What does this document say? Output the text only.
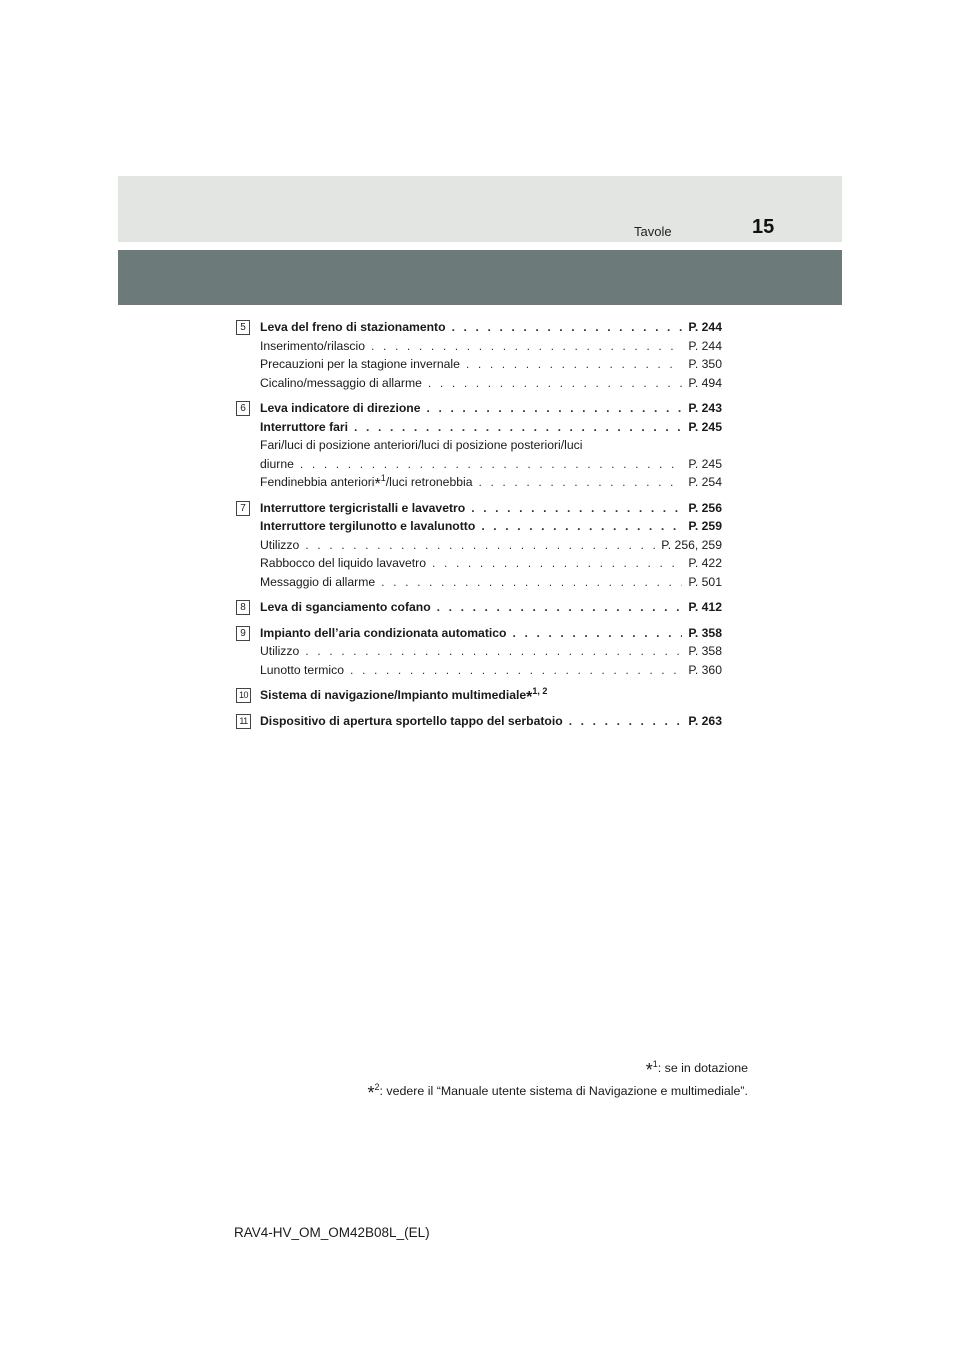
Tavole	15
5	Leva del freno di stazionamento . . .	P. 244
Inserimento/rilascio . . .	P. 244
Precauzioni per la stagione invernale . . .	P. 350
Cicalino/messaggio di allarme . . .	P. 494
6	Leva indicatore di direzione . . .	P. 243
Interruttore fari . . .	P. 245
Fari/luci di posizione anteriori/luci di posizione posteriori/luci
diurne . . .	P. 245
Fendinebbia anteriori*$^1$/luci retronebbia . . .	P. 254
7	Interruttore tergicristalli e lavavetro . . .	P. 256
Interruttore tergilunotto e lavalunotto . . .	P. 259
Utilizzo . . .	P. 256, 259
Rabbocco del liquido lavavetro . . .	P. 422
Messaggio di allarme . . .	P. 501
8	Leva di sganciamento cofano . . .	P. 412
9	Impianto dell’aria condizionata automatico . . .	P. 358
Utilizzo . . .	P. 358
Lunotto termico . . .	P. 360
10 Sistema di navigazione/Impianto multimediale*$^{1, 2}$
11	Dispositivo di apertura sportello tappo del serbatoio . . .	P. 263
*$^1$: se in dotazione
*$^2$: vedere il “Manuale utente sistema di Navigazione e multimediale”.
RAV4-HV_OM_OM42B08L_(EL)
